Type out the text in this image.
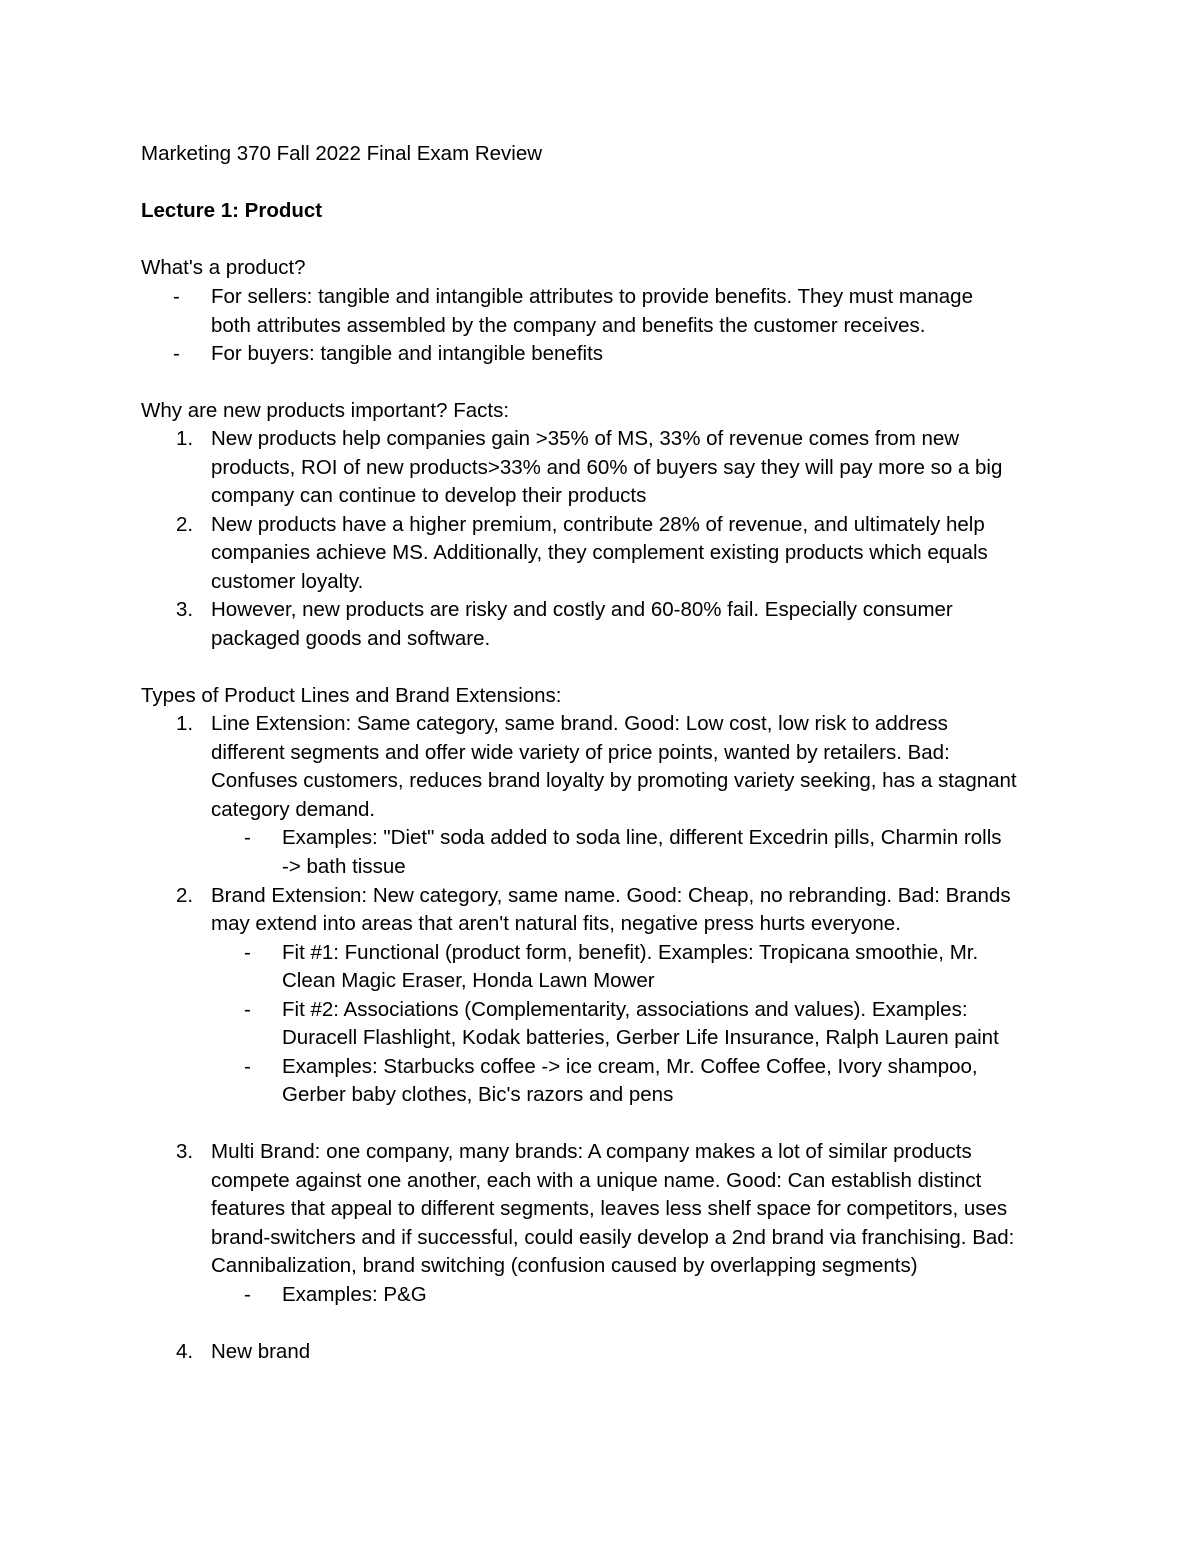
Marketing 370 Fall 2022 Final Exam Review
Lecture 1: Product
What's a product?
- For sellers: tangible and intangible attributes to provide benefits. They must manage
both attributes assembled by the company and benefits the customer receives.
- For buyers: tangible and intangible benefits
Why are new products important? Facts:
1. New products help companies gain >35% of MS, 33% of revenue comes from new
products, ROI of new products>33% and 60% of buyers say they will pay more so a big
company can continue to develop their products
2. New products have a higher premium, contribute 28% of revenue, and ultimately help
companies achieve MS. Additionally, they complement existing products which equals
customer loyalty.
3. However, new products are risky and costly and 60-80% fail. Especially consumer
packaged goods and software.
Types of Product Lines and Brand Extensions:
1. Line Extension: Same category, same brand. Good: Low cost, low risk to address
different segments and offer wide variety of price points, wanted by retailers. Bad:
Confuses customers, reduces brand loyalty by promoting variety seeking, has a stagnant
category demand.
- Examples: "Diet" soda added to soda line, different Excedrin pills, Charmin rolls
-> bath tissue
2. Brand Extension: New category, same name. Good: Cheap, no rebranding. Bad: Brands
may extend into areas that aren't natural fits, negative press hurts everyone.
- Fit #1: Functional (product form, benefit). Examples: Tropicana smoothie, Mr.
Clean Magic Eraser, Honda Lawn Mower
- Fit #2: Associations (Complementarity, associations and values). Examples:
Duracell Flashlight, Kodak batteries, Gerber Life Insurance, Ralph Lauren paint
- Examples: Starbucks coffee -> ice cream, Mr. Coffee Coffee, Ivory shampoo,
Gerber baby clothes, Bic's razors and pens
3. Multi Brand: one company, many brands: A company makes a lot of similar products
compete against one another, each with a unique name. Good: Can establish distinct
features that appeal to different segments, leaves less shelf space for competitors, uses
brand-switchers and if successful, could easily develop a 2nd brand via franchising. Bad:
Cannibalization, brand switching (confusion caused by overlapping segments)
- Examples: P&G
4. New brand
